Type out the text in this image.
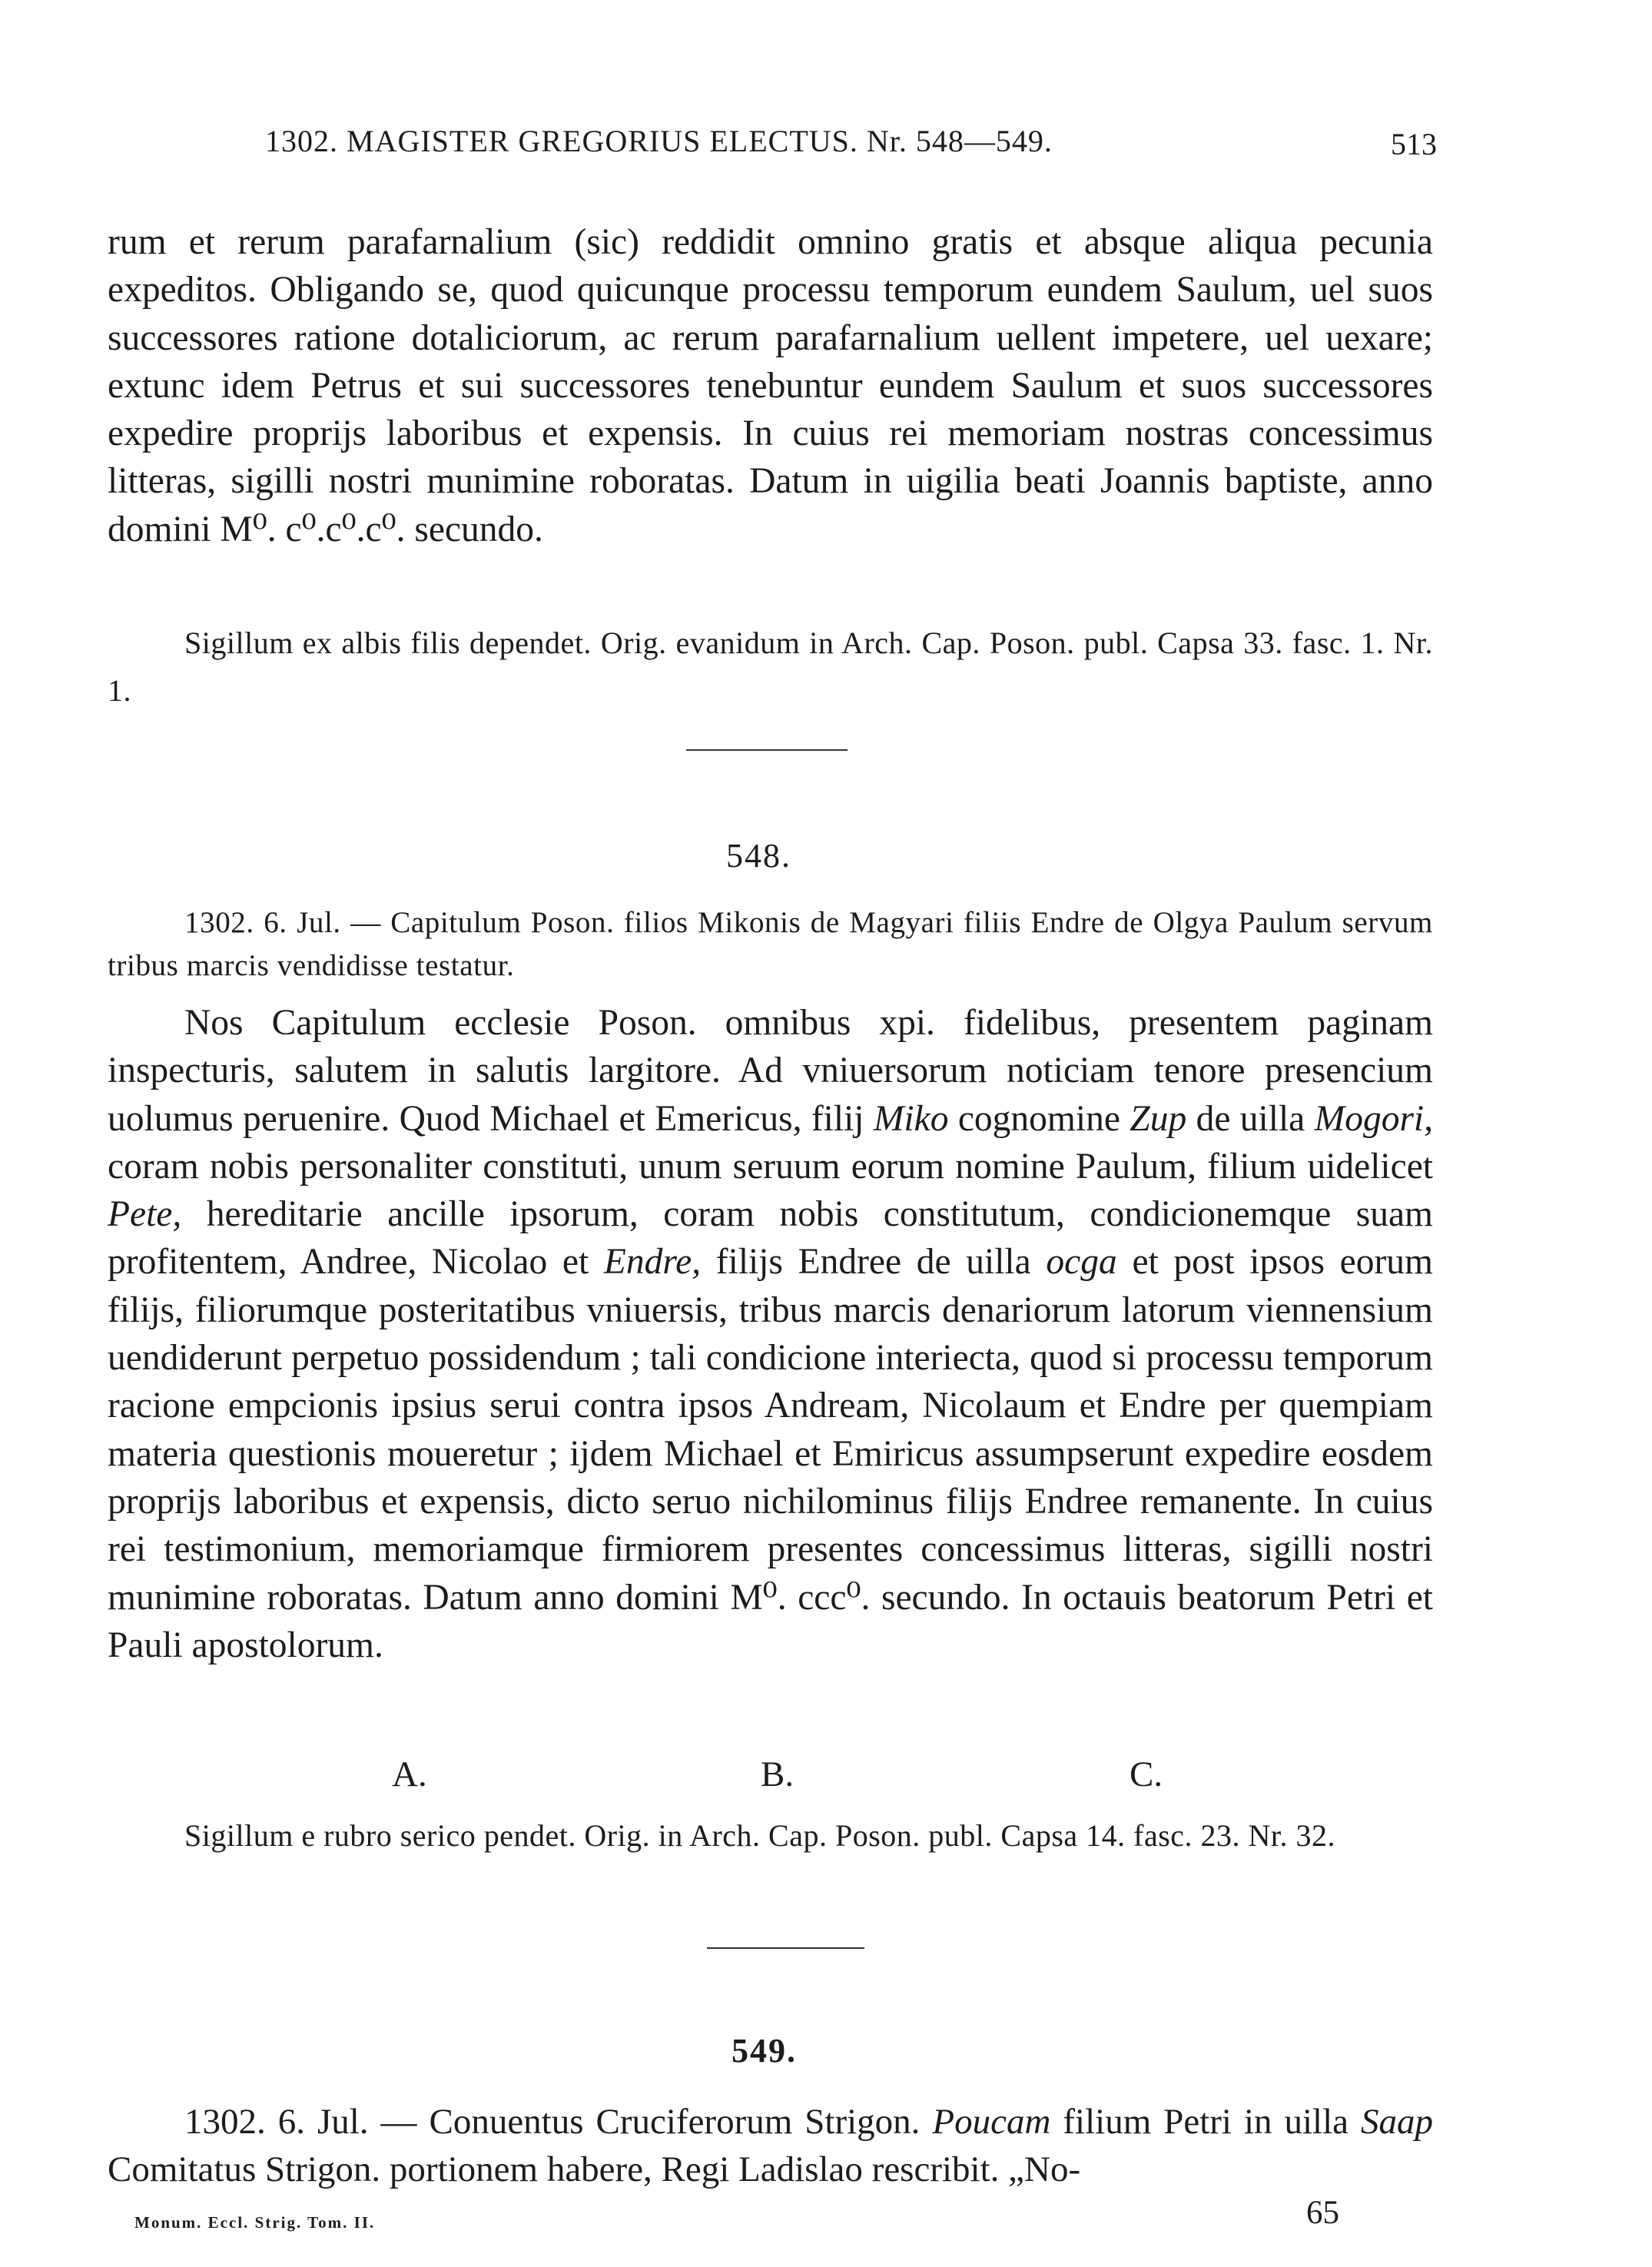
1302. MAGISTER GREGORIUS ELECTUS. Nr. 548—549.	513

rum et rerum parafarnalium (sic) reddidit omnino gratis et absque aliqua pecunia expeditos. Obligando se, quod quicunque processu temporum eundem Saulum, uel suos successores ratione dotaliciorum, ac rerum parafarnalium uellent impetere, uel uexare; extunc idem Petrus et sui successores tenebuntur eundem Saulum et suos successores expedire proprijs laboribus et expensis. In cuius rei memoriam nostras concessimus litteras, sigilli nostri munimine roboratas. Datum in uigilia beati Joannis baptiste, anno domini M⁰. c⁰.c⁰.c⁰. secundo.

Sigillum ex albis filis dependet. Orig. evanidum in Arch. Cap. Poson. publ. Capsa 33. fasc. 1. Nr. 1.

548.

1302. 6. Jul. — Capitulum Poson. filios Mikonis de Magyari filiis Endre de Olgya Paulum servum tribus marcis vendidisse testatur.

Nos Capitulum ecclesie Poson. omnibus xpi. fidelibus, presentem paginam inspecturis, salutem in salutis largitore. Ad vniuersorum noticiam tenore presencium uolumus peruenire. Quod Michael et Emericus, filij Miko cognomine Zup de uilla Mogori, coram nobis personaliter constituti, unum seruum eorum nomine Paulum, filium uidelicet Pete, hereditarie ancille ipsorum, coram nobis constitutum, condicionemque suam profitentem, Andree, Nicolao et Endre, filijs Endree de uilla ocga et post ipsos eorum filijs, filiorumque posteritatibus vniuersis, tribus marcis denariorum latorum viennensium uendiderunt perpetuo possidendum ; tali condicione interiecta, quod si processu temporum racione empcionis ipsius serui contra ipsos Andream, Nicolaum et Endre per quempiam materia questionis moueretur ; ijdem Michael et Emiricus assumpserunt expedire eosdem proprijs laboribus et expensis, dicto seruo nichilominus filijs Endree remanente. In cuius rei testimonium, memoriamque firmiorem presentes concessimus litteras, sigilli nostri munimine roboratas. Datum anno domini M⁰. ccc⁰. secundo. In octauis beatorum Petri et Pauli apostolorum.

A.	B.	C.

Sigillum e rubro serico pendet. Orig. in Arch. Cap. Poson. publ. Capsa 14. fasc. 23. Nr. 32.

549.

1302. 6. Jul. — Conuentus Cruciferorum Strigon. Poucam filium Petri in uilla Saap Comitatus Strigon. portionem habere, Regi Ladislao rescribit. „No-

Monum. Eccl. Strig. Tom. II.	65
